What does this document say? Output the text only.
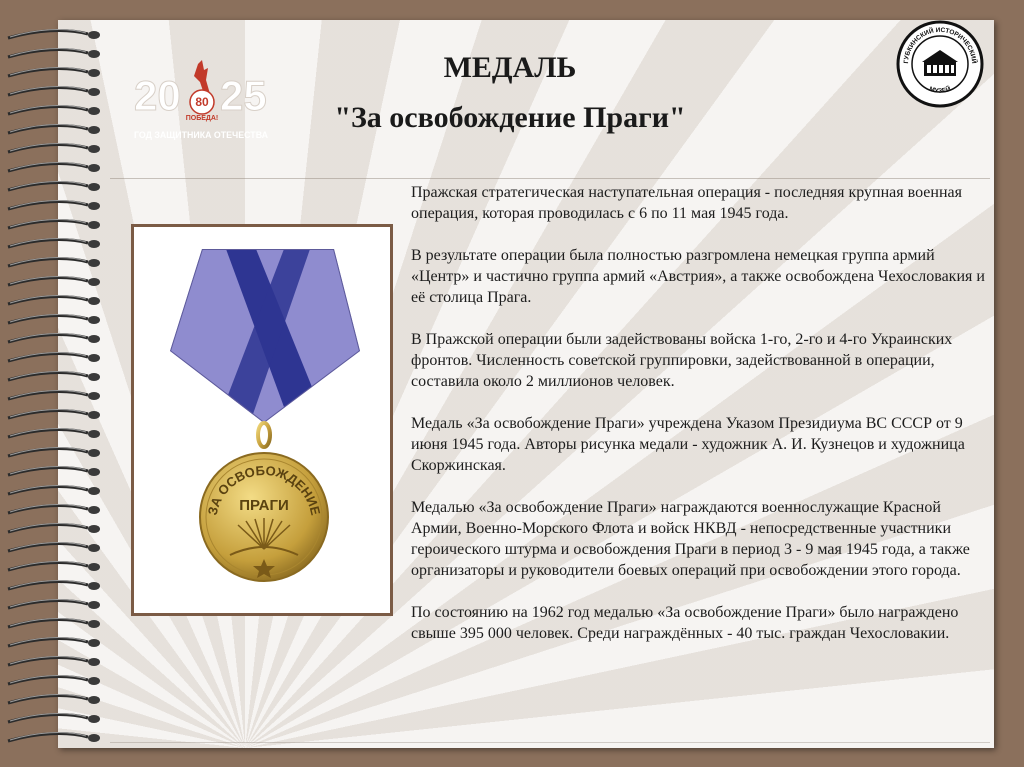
20 80
ПОБЕДА! 25
ГОД ЗАЩИТНИКА ОТЕЧЕСТВА
МЕДАЛЬ
"За освобождение Праги"
ГУБКИНСКИЙ ИСТОРИЧЕСКИЙ
МУЗЕЙ
ЗА ОСВОБОЖДЕНИЕ
ПРАГИ

Пражская стратегическая наступательная операция - последняя крупная военная операция, которая проводилась с 6 по 11 мая 1945 года.

В результате операции была полностью разгромлена немецкая группа армий «Центр» и частично группа армий «Австрия», а также освобождена Чехословакия и её столица Прага.

В Пражской операции были задействованы войска 1-го, 2-го и 4-го Украинских фронтов. Численность советской группировки, задействованной в операции, составила около 2 миллионов человек.

Медаль «За освобождение Праги» учреждена Указом Президиума ВС СССР от 9 июня 1945 года. Авторы рисунка медали - художник А. И. Кузнецов и художница Скоржинская.

Медалью «За освобождение Праги» награждаются военнослужащие Красной Армии, Военно-Морского Флота и войск НКВД - непосредственные участники героического штурма и освобождения Праги в период 3 - 9 мая 1945 года, а также организаторы и руководители боевых операций при освобождении этого города.

По состоянию на 1962 год медалью «За освобождение Праги» было награждено свыше 395 000 человек. Среди награждённых - 40 тыс. граждан Чехословакии.
